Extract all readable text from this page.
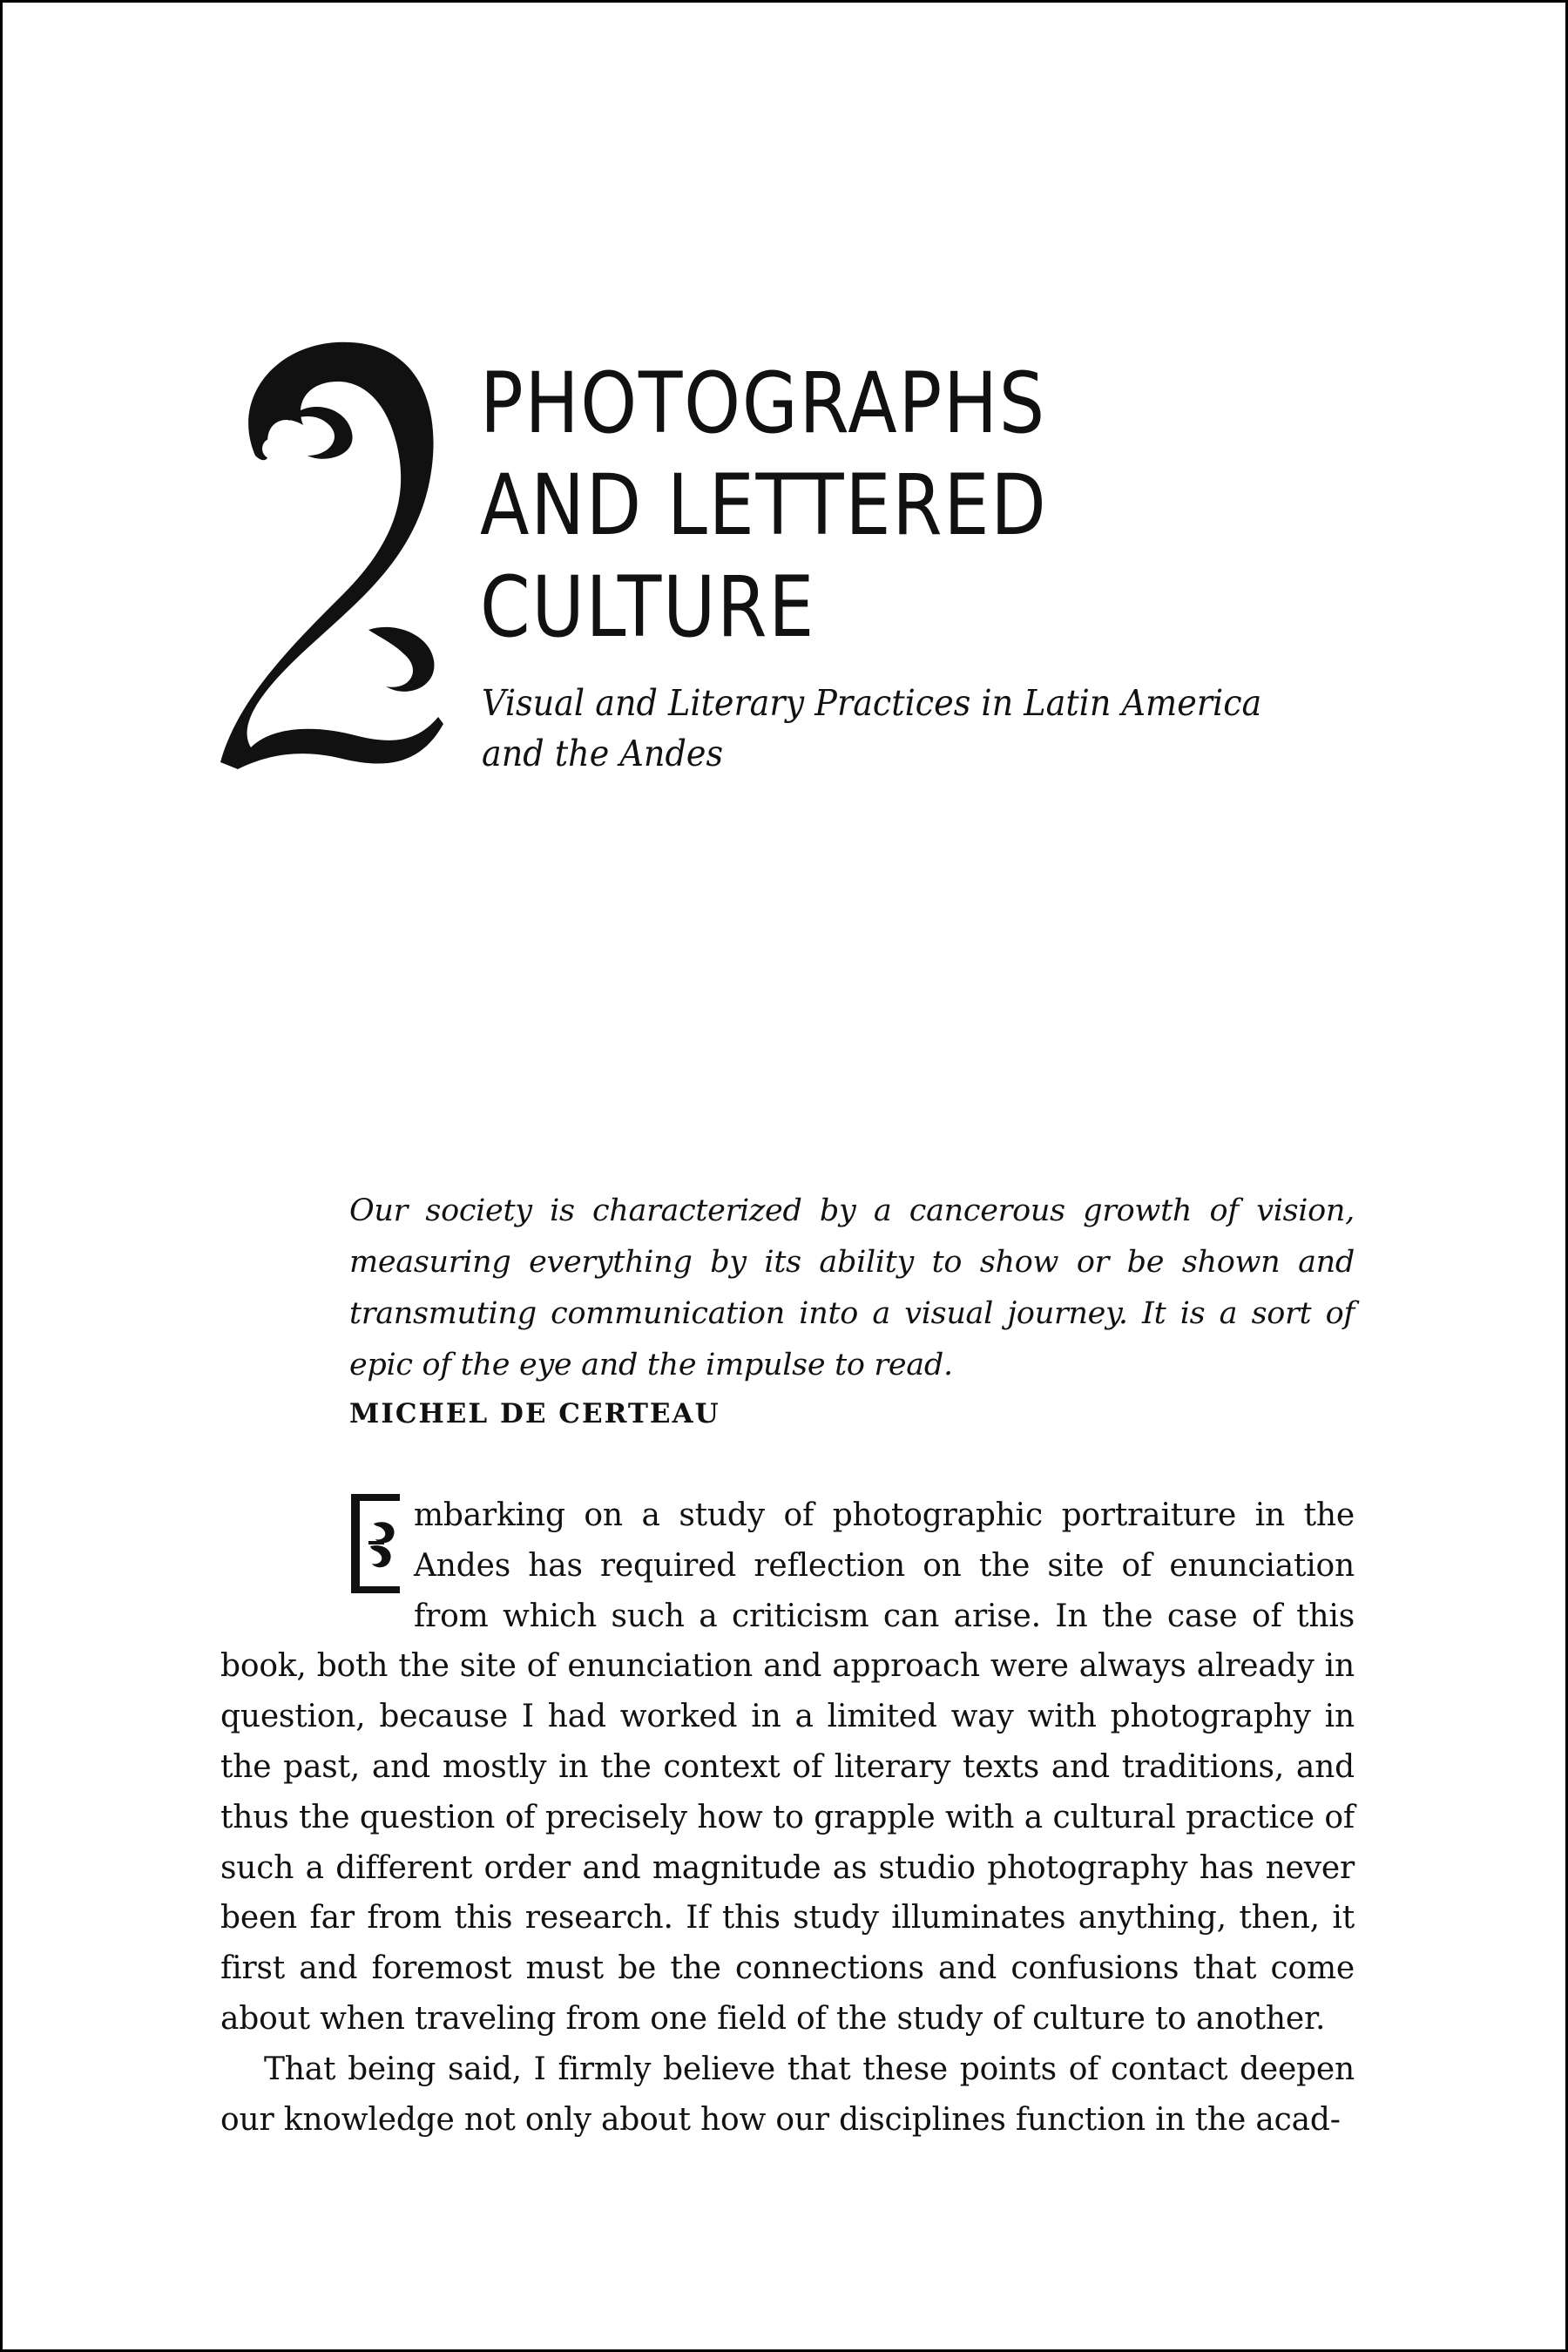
PHOTOGRAPHS
AND LETTERED
CULTURE
Visual and Literary Practices in Latin America
and the Andes

Our society is characterized by a cancerous growth of vision, measuring everything by its ability to show or be shown and transmuting communication into a visual journey. It is a sort of epic of the eye and the impulse to read.

MICHEL DE CERTEAU

mbarking on a study of photographic portraiture in the Andes has required reflection on the site of enunciation from which such a criticism can arise. In the case of this book, both the site of enunciation and approach were always already in question, because I had worked in a limited way with photography in the past, and mostly in the context of literary texts and traditions, and thus the question of precisely how to grapple with a cultural practice of such a different order and magnitude as studio photography has never been far from this research. If this study illuminates anything, then, it first and foremost must be the connections and confusions that come about when traveling from one field of the study of culture to another.

That being said, I firmly believe that these points of contact deepen our knowledge not only about how our disciplines function in the acad-
